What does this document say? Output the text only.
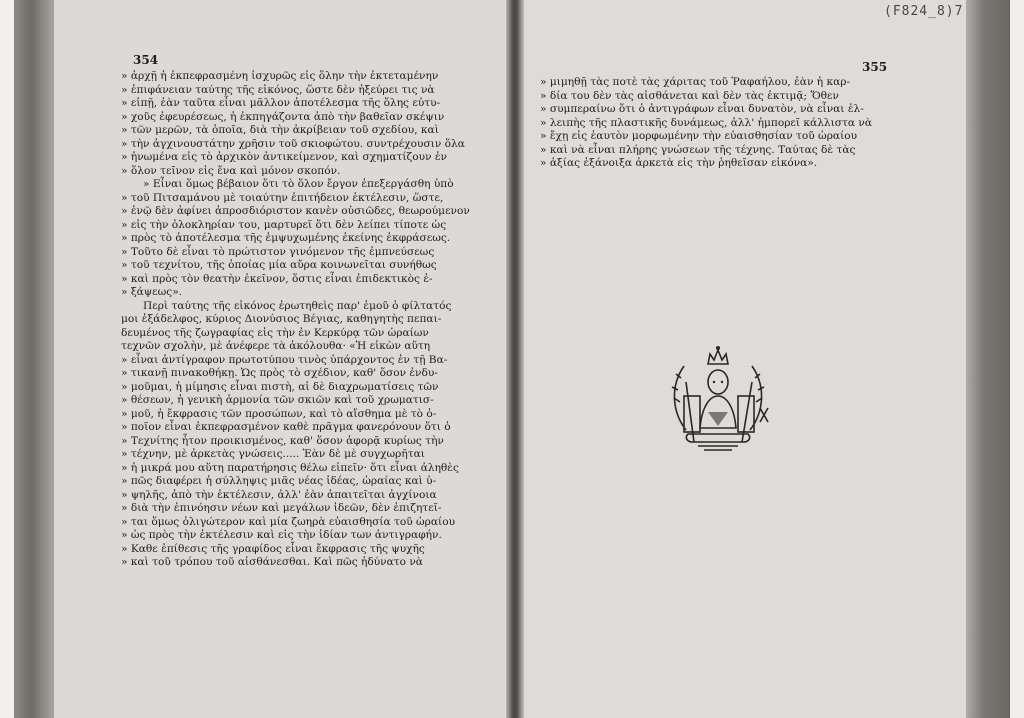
(F824_8)7
354	355
» ἀρχῇ ἡ ἐκπεφρασμένη ἰσχυρῶς εἰς ὅλην τὴν ἐκτεταμένην
» ἐπιφάνειαν ταύτης τῆς εἰκόνος, ὥστε δὲν ἠξεύρει τις νὰ
» εἰπῇ, ἐὰν ταῦτα εἶναι μᾶλλον ἀποτέλεσμα τῆς ὅλης εὐτυ-
» χοῦς ἐφευρέσεως, ἡ ἐκπηγάζοντα ἀπὸ τὴν βαθεῖαν σκέψιν
» τῶν μερῶν, τὰ ὁποῖα, διὰ τὴν ἀκρίβειαν τοῦ σχεδίου, καὶ
» τὴν ἀγχινουστάτην χρῆσιν τοῦ σκιοφώτου. συντρέχουσιν ὅλα
» ἡνωμένα εἰς τὸ ἀρχικὸν ἀντικείμενον, καὶ σχηματίζουν ἐν
» ὅλον τεῖνον εἰς ἕνα καὶ μόνον σκοπόν.
» Εἶναι ὅμως βέβαιον ὅτι τὸ ὅλον ἔργον ἐπεξεργάσθη ὑπὸ
» τοῦ Πιτσαμάνου μὲ τοιαύτην ἐπιτήδειον ἐκτέλεσιν, ὥστε,
» ἐνῷ δὲν ἀφίνει ἀπροσδιόριστον κανὲν οὐσιῶδες, θεωρούμενον
» εἰς τὴν ὁλοκληρίαν του, μαρτυρεῖ ὅτι δὲν λείπει τίποτε ὡς
» πρὸς τὸ ἀποτέλεσμα τῆς ἐμψυχωμένης ἐκείνης ἐκφράσεως.
» Τοῦτο δὲ εἶναι τὸ πρώτιστον γινόμενον τῆς ἐμπνεύσεως
» τοῦ τεχνίτου, τῆς ὁποίας μία αὔρα κοινωνεῖται συνήθως
» καὶ πρὸς τὸν θεατὴν ἐκεῖνον, ὅστις εἶναι ἐπιδεκτικὸς ἐ-
» ξάψεως».
Περὶ ταύτης τῆς εἰκόνος ἐρωτηθεὶς παρ' ἐμοῦ ὁ φίλτατός
μοι ἐξάδελφος, κύριος Διονύσιος Βέγιας, καθηγητὴς πεπαι-
δευμένος τῆς ζωγραφίας εἰς τὴν ἐν Κερκύρᾳ τῶν ὡραίων
τεχνῶν σχολὴν, μὲ ἀνέφερε τὰ ἀκόλουθα· «Ἡ εἰκὼν αὕτη
» εἶναι ἀντίγραφον πρωτοτύπου τινὸς ὑπάρχοντος ἐν τῇ Βα-
» τικανῇ πινακοθήκῃ. Ὡς πρὸς τὸ σχέδιον, καθ' ὅσον ἐνδυ-
» μοῦμαι, ἡ μίμησις εἶναι πιστὴ, αἱ δὲ διαχρωματίσεις τῶν
» θέσεων, ἡ γενικὴ ἁρμονία τῶν σκιῶν καὶ τοῦ χρωματισ-
» μοῦ, ἡ ἔκφρασις τῶν προσώπων, καὶ τὸ αἴσθημα μὲ τὸ ὁ-
» ποῖον εἶναι ἐκπεφρασμένον καθὲ πρᾶγμα φανερόνουν ὅτι ὁ
» Τεχνίτης ἦτον προικισμένος, καθ' ὅσον ἀφορᾷ κυρίως τὴν
» τέχνην, μὲ ἀρκετὰς γνώσεις..... Ἐὰν δὲ μὲ συγχωρῆται
» ἡ μικρά μου αὕτη παρατήρησις θέλω εἰπεῖν· ὅτι εἶναι ἀληθὲς
» πῶς διαφέρει ἡ σύλληψις μιᾶς νέας ἰδέας, ὡραίας καὶ ὑ-
» ψηλῆς, ἀπὸ τὴν ἐκτέλεσιν, ἀλλ' ἐὰν ἀπαιτεῖται ἀγχίνοια
» διὰ τὴν ἐπινόησιν νέων καὶ μεγάλων ἰδεῶν, δὲν ἐπιζητεῖ-
» ται ὅμως ὀλιγώτερον καὶ μία ζωηρὰ εὐαισθησία τοῦ ὡραίου
» ὡς πρὸς τὴν ἐκτέλεσιν καὶ εἰς τὴν ἰδίαν των ἀντιγραφήν.
» Καθε ἐπίθεσις τῆς γραφίδος εἶναι ἔκφρασις τῆς ψυχῆς
» καὶ τοῦ τρόπου τοῦ αἰσθάνεσθαι. Καὶ πῶς ἠδύνατο νὰ
» μιμηθῇ τὰς ποτὲ τὰς χάριτας τοῦ Ῥαφαήλου, ἐὰν ἡ καρ-
» δία του δὲν τὰς αἰσθάνεται καὶ δὲν τὰς ἐκτιμᾷ; Ὅθεν
» συμπεραίνω ὅτι ὁ ἀντιγράφων εἶναι δυνατὸν, νὰ εἶναι ἐλ-
» λειπὴς τῆς πλαστικῆς δυνάμεως, ἀλλ' ἠμπορεῖ κάλλιστα νὰ
» ἔχῃ εἰς ἑαυτὸν μορφωμένην τὴν εὐαισθησίαν τοῦ ὡραίου
» καὶ νὰ εἶναι πλήρης γνώσεων τῆς τέχνης. Ταύτας δὲ τὰς
» ἀξίας ἐξάνοιξα ἀρκετὰ εἰς τὴν ῥηθεῖσαν εἰκόνα».
